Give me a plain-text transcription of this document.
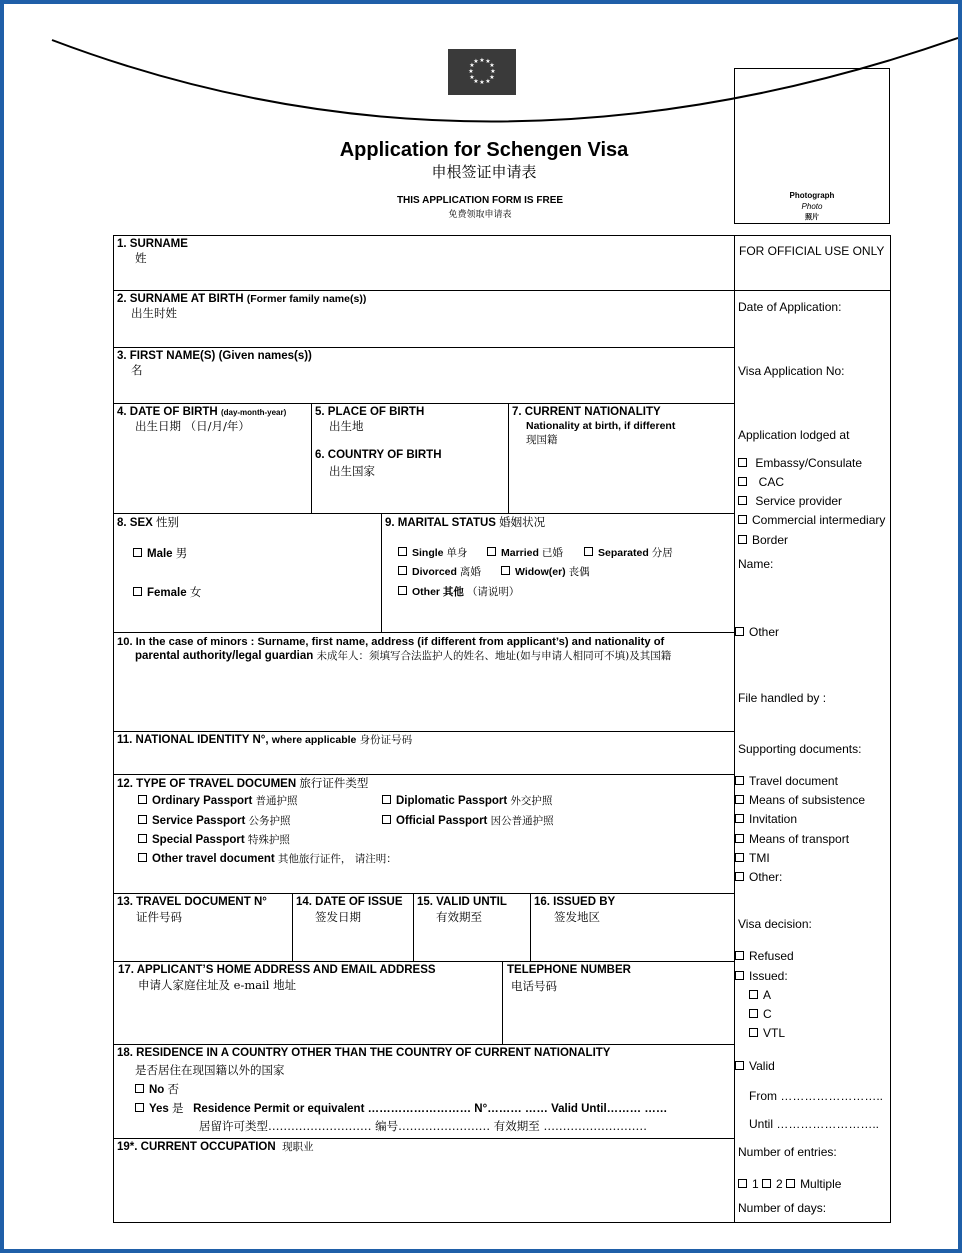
★ ★
★
★
★
★
★
★
★
★
★
★
Application for Schengen Visa
申根签证申请表
THIS APPLICATION FORM IS FREE
免费领取申请表
Photograph
Photo
照片
1. SURNAME
姓
2. SURNAME AT BIRTH (Former family name(s))
出生时姓
3. FIRST NAME(S) (Given names(s))
名
4. DATE OF BIRTH (day-month-year)
出生日期 （日/月/年）
5. PLACE OF BIRTH
出生地
6. COUNTRY OF BIRTH
出生国家
7. CURRENT NATIONALITY
Nationality at birth, if different
现国籍
8. SEX 性别
Male 男
Female 女
9. MARITAL STATUS 婚姻状况
Single 单身	Married 已婚	Separated 分居
Divorced 离婚	Widow(er) 丧偶
Other 其他 （请说明）
10. In the case of minors : Surname, first name, address (if different from applicant’s) and nationality of
parental authority/legal guardian 未成年人：须填写合法监护人的姓名、地址(如与申请人相同可不填)及其国籍
11. NATIONAL IDENTITY N°, where applicable 身份证号码
12. TYPE OF TRAVEL DOCUMEN 旅行证件类型
Ordinary Passport 普通护照	Diplomatic Passport 外交护照
Service Passport 公务护照	Official Passport 因公普通护照
Special Passport 特殊护照
Other travel document 其他旅行证件， 请注明：
13. TRAVEL DOCUMENT N°
证件号码
14. DATE OF ISSUE
签发日期
15. VALID UNTIL
有效期至
16. ISSUED BY
签发地区
17. APPLICANT’S HOME ADDRESS AND EMAIL ADDRESS
申请人家庭住址及 e-mail 地址
TELEPHONE NUMBER
电话号码
18. RESIDENCE IN A COUNTRY OTHER THAN THE COUNTRY OF CURRENT NATIONALITY
是否居住在现国籍以外的国家
No 否
Yes 是 Residence Permit or equivalent ……………………… N°……… …… Valid Until……… ……
居留许可类型……………………… 编号…………………… 有效期至 ………………………
19*. CURRENT OCCUPATION 现职业
FOR OFFICIAL USE ONLY
Date of Application:
Visa Application No:
Application lodged at
Embassy/Consulate
CAC
Service provider
Commercial intermediary
Border
Name:
Other
File handled by :
Supporting documents:
Travel document
Means of subsistence
Invitation
Means of transport
TMI
Other:
Visa decision:
Refused
Issued:
A
C
VTL
Valid
From ……………………..
Until ……………………..
Number of entries:
1 2 Multiple
Number of days:
